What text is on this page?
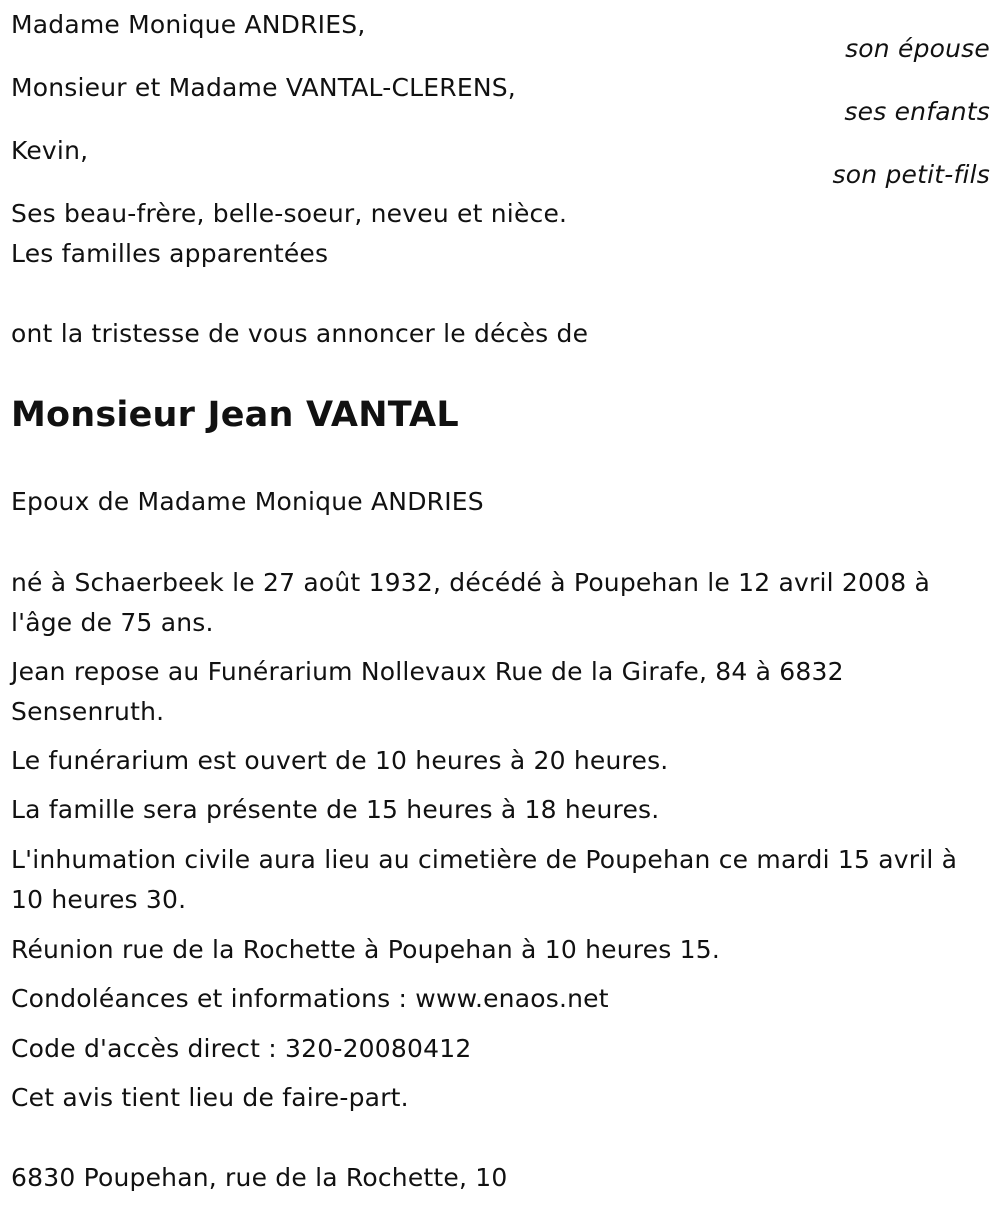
Madame Monique ANDRIES,
son épouse
Monsieur et Madame VANTAL-CLERENS,
ses enfants
Kevin,
son petit-fils
Ses beau-frère, belle-soeur, neveu et nièce.
Les familles apparentées
ont la tristesse de vous annoncer le décès de
Monsieur Jean VANTAL
Epoux de Madame Monique ANDRIES
né à Schaerbeek le 27 août 1932, décédé à Poupehan le 12 avril 2008 à l'âge de 75 ans.
Jean repose au Funérarium Nollevaux Rue de la Girafe, 84 à 6832 Sensenruth.
Le funérarium est ouvert de 10 heures à 20 heures.
La famille sera présente de 15 heures à 18 heures.
L'inhumation civile aura lieu au cimetière de Poupehan ce mardi 15 avril à 10 heures 30.
Réunion rue de la Rochette à Poupehan à 10 heures 15.
Condoléances et informations : www.enaos.net
Code d'accès direct : 320-20080412
Cet avis tient lieu de faire-part.
6830 Poupehan, rue de la Rochette, 10
